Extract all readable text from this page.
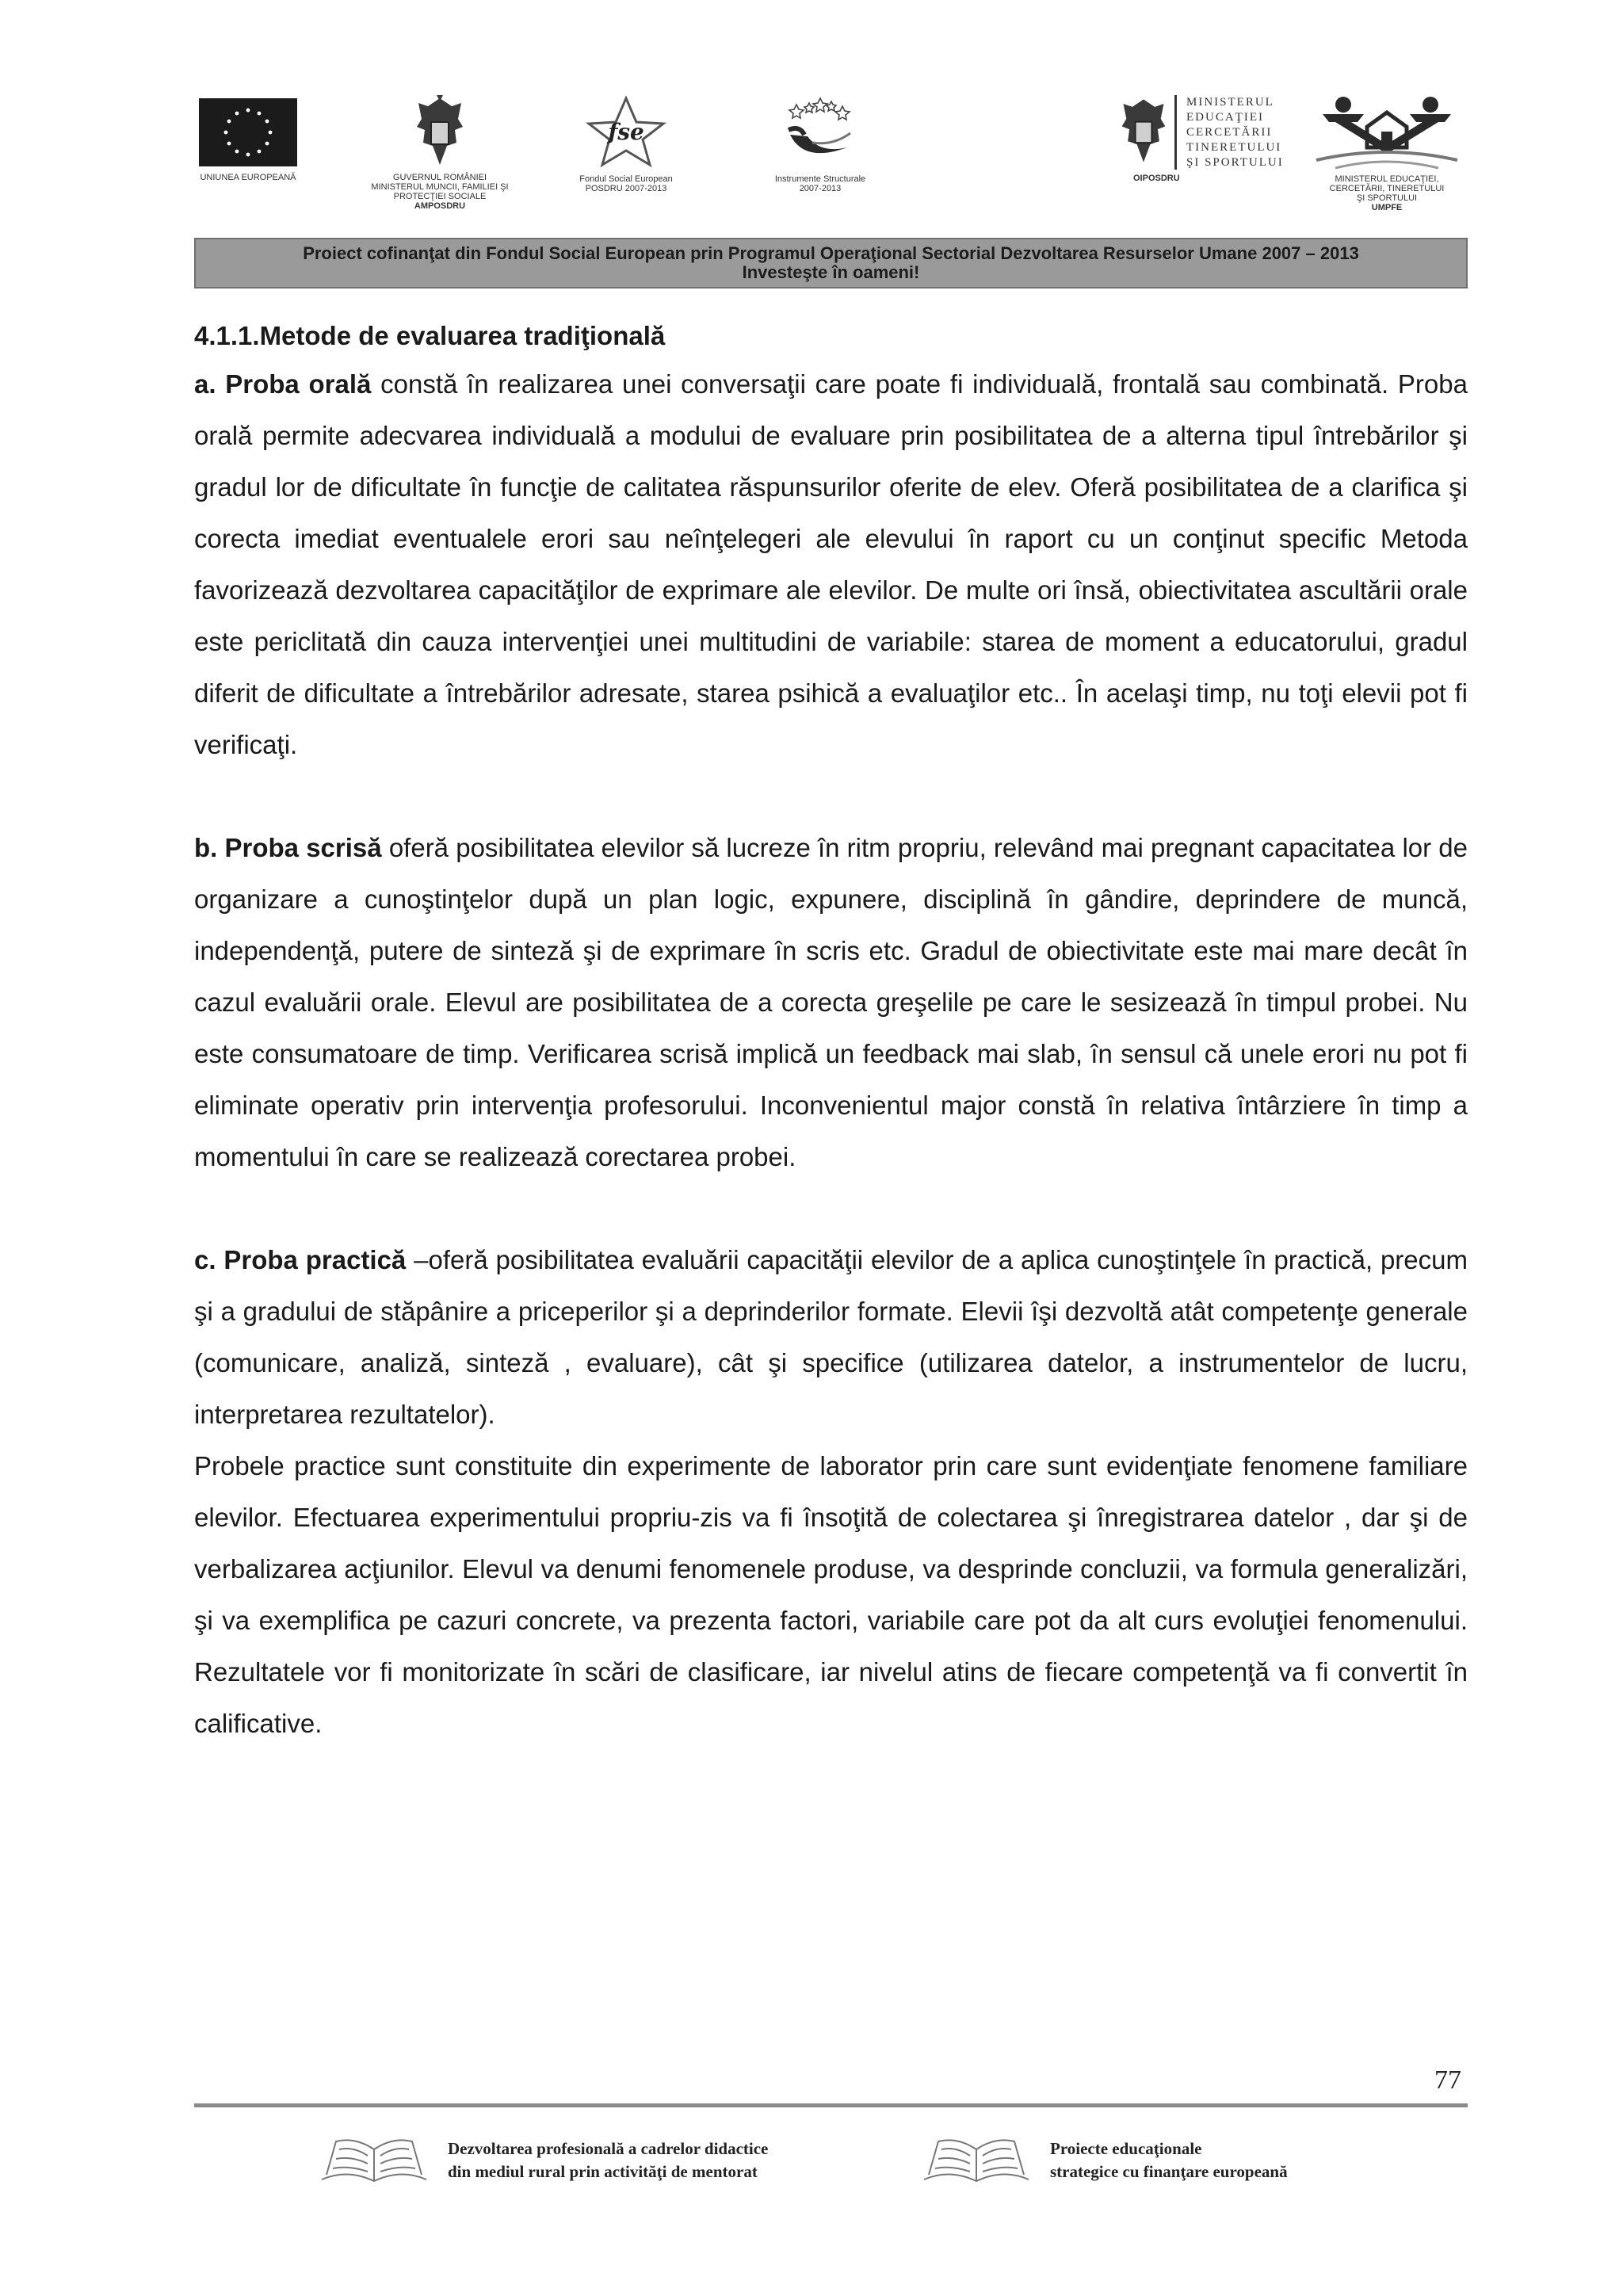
UNIUNEA EUROPEANĂ	GUVERNUL ROMÂNIEI
MINISTERUL MUNCII, FAMILIEI ŞI
PROTECŢIEI SOCIALE
AMPOSDRU
fse
Fondul Social European
POSDRU 2007-2013
Instrumente Structurale
2007-2013
MINISTERUL
EDUCAŢIEI
CERCETĂRII
TINERETULUI
ŞI SPORTULUI
OIPOSDRU	MINISTERUL EDUCAŢIEI,
CERCETĂRII, TINERETULUI
ŞI SPORTULUI
UMPFE
Proiect cofinanţat din Fondul Social European prin Programul Operaţional Sectorial Dezvoltarea Resurselor Umane 2007 – 2013
Investeşte în oameni!
4.1.1.Metode de evaluarea tradiţională

a. Proba orală constă în realizarea unei conversaţii care poate fi individuală, frontală sau combinată. Proba orală permite adecvarea individuală a modului de evaluare prin posibilitatea de a alterna tipul întrebărilor şi gradul lor de dificultate în funcţie de calitatea răspunsurilor oferite de elev. Oferă posibilitatea de a clarifica şi corecta imediat eventualele erori sau neînţelegeri ale elevului în raport cu un conţinut specific Metoda favorizează dezvoltarea capacităţilor de exprimare ale elevilor. De multe ori însă, obiectivitatea ascultării orale este periclitată din cauza intervenţiei unei multitudini de variabile: starea de moment a educatorului, gradul diferit de dificultate a întrebărilor adresate, starea psihică a evaluaţilor etc.. În acelaşi timp, nu toţi elevii pot fi verificaţi.

b. Proba scrisă oferă posibilitatea elevilor să lucreze în ritm propriu, relevând mai pregnant capacitatea lor de organizare a cunoştinţelor după un plan logic, expunere, disciplină în gândire, deprindere de muncă, independenţă, putere de sinteză şi de exprimare în scris etc. Gradul de obiectivitate este mai mare decât în cazul evaluării orale. Elevul are posibilitatea de a corecta greşelile pe care le sesizează în timpul probei. Nu este consumatoare de timp. Verificarea scrisă implică un feedback mai slab, în sensul că unele erori nu pot fi eliminate operativ prin intervenţia profesorului. Inconvenientul major constă în relativa întârziere în timp a momentului în care se realizează corectarea probei.

c. Proba practică –oferă posibilitatea evaluării capacităţii elevilor de a aplica cunoştinţele în practică, precum şi a gradului de stăpânire a priceperilor şi a deprinderilor formate. Elevii îşi dezvoltă atât competenţe generale (comunicare, analiză, sinteză , evaluare), cât şi specifice (utilizarea datelor, a instrumentelor de lucru, interpretarea rezultatelor).

Probele practice sunt constituite din experimente de laborator prin care sunt evidenţiate fenomene familiare elevilor. Efectuarea experimentului propriu-zis va fi însoţită de colectarea şi înregistrarea datelor , dar şi de verbalizarea acţiunilor. Elevul va denumi fenomenele produse, va desprinde concluzii, va formula generalizări, şi va exemplifica pe cazuri concrete, va prezenta factori, variabile care pot da alt curs evoluţiei fenomenului. Rezultatele vor fi monitorizate în scări de clasificare, iar nivelul atins de fiecare competenţă va fi convertit în calificative.

77
Dezvoltarea profesională a cadrelor didactice
din mediul rural prin activităţi de mentorat
Proiecte educaţionale
strategice cu finanţare europeană
